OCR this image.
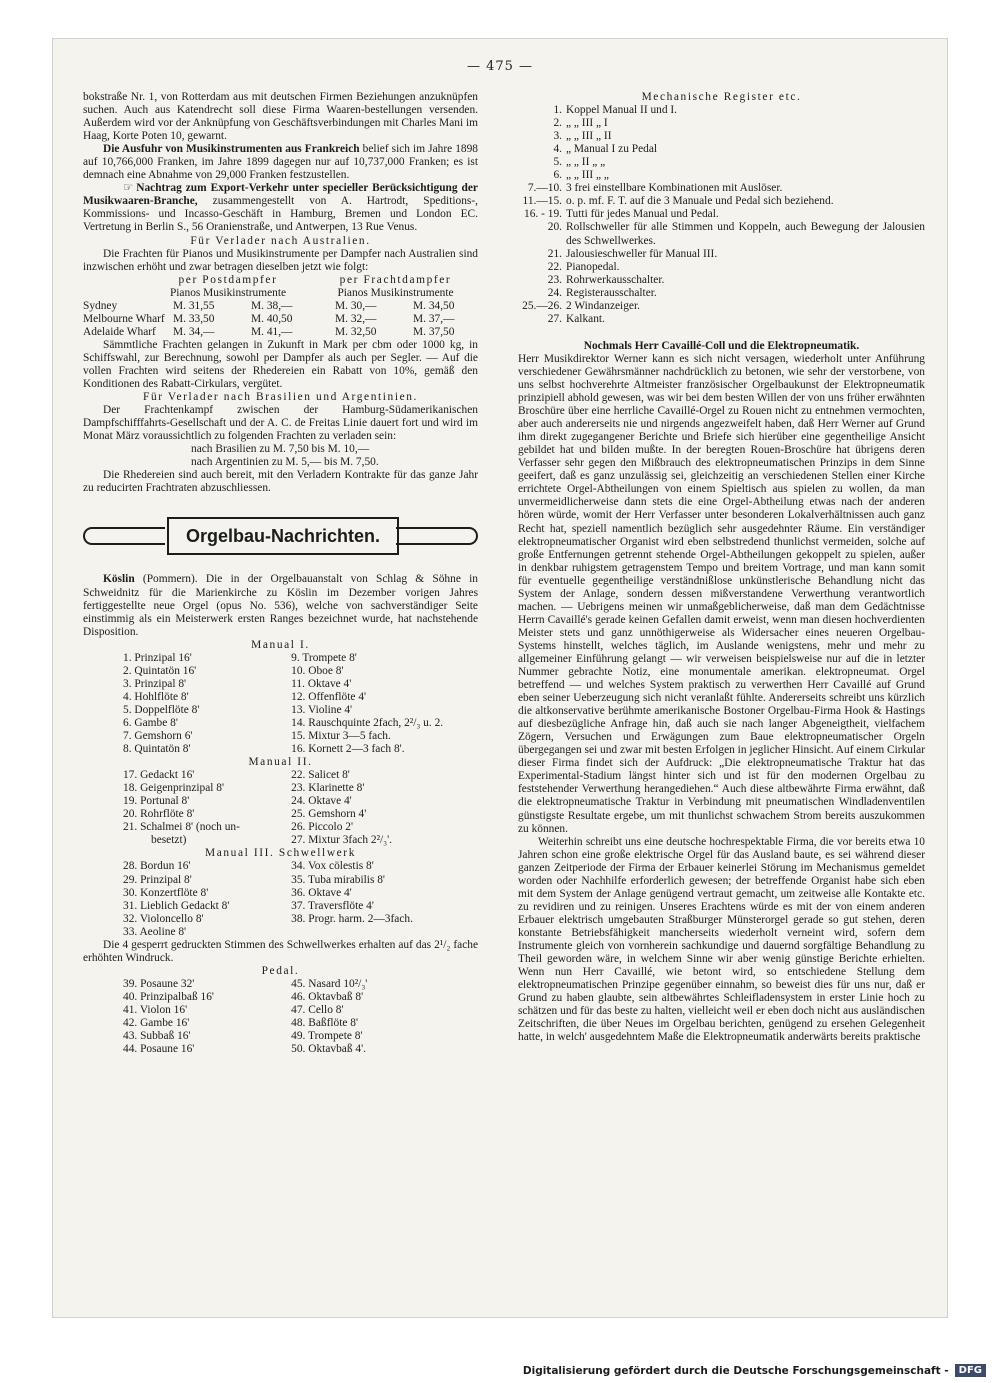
— 475 —

bokstraße Nr. 1, von Rotterdam aus mit deutschen Firmen Beziehungen anzuknüpfen suchen. Auch aus Katendrecht soll diese Firma Waaren-bestellungen versenden. Außerdem wird vor der Anknüpfung von Geschäftsverbindungen mit Charles Mani im Haag, Korte Poten 10, gewarnt.

Die Ausfuhr von Musikinstrumenten aus Frankreich belief sich im Jahre 1898 auf 10,766,000 Franken, im Jahre 1899 dagegen nur auf 10,737,000 Franken; es ist demnach eine Abnahme von 29,000 Franken festzustellen.

☞ Nachtrag zum Export-Verkehr unter specieller Berücksichtigung der Musikwaaren-Branche, zusammengestellt von A. Hartrodt, Speditions-, Kommissions- und Incasso-Geschäft in Hamburg, Bremen und London EC. Vertretung in Berlin S., 56 Oranienstraße, und Antwerpen, 13 Rue Venus.

Für Verlader nach Australien.

Die Frachten für Pianos und Musikinstrumente per Dampfer nach Australien sind inzwischen erhöht und zwar betragen dieselben jetzt wie folgt:

per Postdampfer	per Frachtdampfer
Pianos Musikinstrumente	Pianos Musikinstrumente
Sydney	M. 31,55	M. 38,—	M. 30,—	M. 34,50
Melbourne Wharf M. 33,50	M. 40,50	M. 32,—	M. 37,—
Adelaide Wharf	M. 34,—	M. 41,—	M. 32,50	M. 37,50

Sämmtliche Frachten gelangen in Zukunft in Mark per cbm oder 1000 kg, in Schiffswahl, zur Berechnung, sowohl per Dampfer als auch per Segler. — Auf die vollen Frachten wird seitens der Rhedereien ein Rabatt von 10%, gemäß den Konditionen des Rabatt-Cirkulars, vergütet.

Für Verlader nach Brasilien und Argentinien.

Der Frachtenkampf zwischen der Hamburg-Südamerikanischen Dampfschifffahrts-Gesellschaft und der A. C. de Freitas Linie dauert fort und wird im Monat März voraussichtlich zu folgenden Frachten zu verladen sein:

nach Brasilien zu M. 7,50 bis M. 10,—

nach Argentinien zu M. 5,— bis M. 7,50.

Die Rhedereien sind auch bereit, mit den Verladern Kontrakte für das ganze Jahr zu reducirten Frachtraten abzuschliessen.

Orgelbau-Nachrichten.

Köslin (Pommern). Die in der Orgelbauanstalt von Schlag & Söhne in Schweidnitz für die Marienkirche zu Köslin im Dezember vorigen Jahres fertiggestellte neue Orgel (opus No. 536), welche von sachverständiger Seite einstimmig als ein Meisterwerk ersten Ranges bezeichnet wurde, hat nachstehende Disposition.

Manual I.

1. Prinzipal 16'
2. Quintatön 16'
3. Prinzipal 8'
4. Hohlflöte 8'
5. Doppelflöte 8'
6. Gambe 8'
7. Gemshorn 6'
8. Quintatön 8'
9. Trompete 8'
10. Oboe 8'
11. Oktave 4'
12. Offenflöte 4'
13. Violine 4'
14. Rauschquinte 2fach, 2²/₃ u. 2.
15. Mixtur 3—5 fach.
16. Kornett 2—3 fach 8'.

Manual II.

17. Gedackt 16'
18. Geigenprinzipal 8'
19. Portunal 8'
20. Rohrflöte 8'
21. Schalmei 8' (noch un-
besetzt)
22. Salicet 8'
23. Klarinette 8'
24. Oktave 4'
25. Gemshorn 4'
26. Piccolo 2'
27. Mixtur 3fach 2²/₃'.

Manual III. Schwellwerk

28. Bordun 16'
29. Prinzipal 8'
30. Konzertflöte 8'
31. Lieblich Gedackt 8'
32. Violoncello 8'
33. Aeoline 8'
34. Vox cölestis 8'
35. Tuba mirabilis 8'
36. Oktave 4'
37. Traversflöte 4'
38. Progr. harm. 2—3fach.

Die 4 gesperrt gedruckten Stimmen des Schwellwerkes erhalten auf das 2¹/₂ fache erhöhten Windruck.

Pedal.

39. Posaune 32'
40. Prinzipalbaß 16'
41. Violon 16'
42. Gambe 16'
43. Subbaß 16'
44. Posaune 16'
45. Nasard 10²/₃'
46. Oktavbaß 8'
47. Cello 8'
48. Baßflöte 8'
49. Trompete 8'
50. Oktavbaß 4'.

Mechanische Register etc.

1. Koppel Manual II und I.
2. „ „ III „ I
3. „ „ III „ II
4. „ Manual I zu Pedal
5. „ „ II „ „
6. „ „ III „ „
7.—10. 3 frei einstellbare Kombinationen mit Auslöser.
11.—15. o. p. mf. F. T. auf die 3 Manuale und Pedal sich beziehend.
16. - 19. Tutti für jedes Manual und Pedal.
20. Rollschweller für alle Stimmen und Koppeln, auch Bewegung der Jalousien des Schwellwerkes.
21. Jalousieschweller für Manual III.
22. Pianopedal.
23. Rohrwerkausschalter.
24. Registerausschalter.
25.—26. 2 Windanzeiger.
27. Kalkant.

Nochmals Herr Cavaillé-Coll und die Elektropneumatik.

Herr Musikdirektor Werner kann es sich nicht versagen, wiederholt unter Anführung verschiedener Gewährsmänner nachdrücklich zu betonen, wie sehr der verstorbene, von uns selbst hochverehrte Altmeister französischer Orgelbaukunst der Elektropneumatik prinzipiell abhold gewesen, was wir bei dem besten Willen der von uns früher erwähnten Broschüre über eine herrliche Cavaillé-Orgel zu Rouen nicht zu entnehmen vermochten, aber auch andererseits nie und nirgends angezweifelt haben, daß Herr Werner auf Grund ihm direkt zugegangener Berichte und Briefe sich hierüber eine gegentheilige Ansicht gebildet hat und bilden mußte. In der beregten Rouen-Broschüre hat übrigens deren Verfasser sehr gegen den Mißbrauch des elektropneumatischen Prinzips in dem Sinne geeifert, daß es ganz unzulässig sei, gleichzeitig an verschiedenen Stellen einer Kirche errichtete Orgel-Abtheilungen von einem Spieltisch aus spielen zu wollen, da man unvermeidlicherweise dann stets die eine Orgel-Abtheilung etwas nach der anderen hören würde, womit der Herr Verfasser unter besonderen Lokalverhältnissen auch ganz Recht hat, speziell namentlich bezüglich sehr ausgedehnter Räume. Ein verständiger elektropneumatischer Organist wird eben selbstredend thunlichst vermeiden, solche auf große Entfernungen getrennt stehende Orgel-Abtheilungen gekoppelt zu spielen, außer in denkbar ruhigstem getragenstem Tempo und breitem Vortrage, und man kann somit für eventuelle gegentheilige verständnißlose unkünstlerische Behandlung nicht das System der Anlage, sondern dessen mißverstandene Verwerthung verantwortlich machen. — Uebrigens meinen wir unmaßgeblicherweise, daß man dem Gedächtnisse Herrn Cavaillé's gerade keinen Gefallen damit erweist, wenn man diesen hochverdienten Meister stets und ganz unnöthigerweise als Widersacher eines neueren Orgelbau-Systems hinstellt, welches täglich, im Auslande wenigstens, mehr und mehr zu allgemeiner Einführung gelangt — wir verweisen beispielsweise nur auf die in letzter Nummer gebrachte Notiz, eine monumentale amerikan. elektropneumat. Orgel betreffend — und welches System praktisch zu verwerthen Herr Cavaillé auf Grund eben seiner Ueberzeugung sich nicht veranlaßt fühlte. Andererseits schreibt uns kürzlich die altkonservative berühmte amerikanische Bostoner Orgelbau-Firma Hook & Hastings auf diesbezügliche Anfrage hin, daß auch sie nach langer Abgeneigtheit, vielfachem Zögern, Versuchen und Erwägungen zum Baue elektropneumatischer Orgeln übergegangen sei und zwar mit besten Erfolgen in jeglicher Hinsicht. Auf einem Cirkular dieser Firma findet sich der Aufdruck: „Die elektropneumatische Traktur hat das Experimental-Stadium längst hinter sich und ist für den modernen Orgelbau zu feststehender Verwerthung herangediehen.“ Auch diese altbewährte Firma erwähnt, daß die elektropneumatische Traktur in Verbindung mit pneumatischen Windladenventilen günstigste Resultate ergebe, um mit thunlichst schwachem Strom bereits auszukommen zu können.

Weiterhin schreibt uns eine deutsche hochrespektable Firma, die vor bereits etwa 10 Jahren schon eine große elektrische Orgel für das Ausland baute, es sei während dieser ganzen Zeitperiode der Firma der Erbauer keinerlei Störung im Mechanismus gemeldet worden oder Nachhilfe erforderlich gewesen; der betreffende Organist habe sich eben mit dem System der Anlage genügend vertraut gemacht, um zeitweise alle Kontakte etc. zu revidiren und zu reinigen. Unseres Erachtens würde es mit der von einem anderen Erbauer elektrisch umgebauten Straßburger Münsterorgel gerade so gut stehen, deren konstante Betriebsfähigkeit mancherseits wiederholt verneint wird, sofern dem Instrumente gleich von vornherein sachkundige und dauernd sorgfältige Behandlung zu Theil geworden wäre, in welchem Sinne wir aber wenig günstige Berichte erhielten. Wenn nun Herr Cavaillé, wie betont wird, so entschiedene Stellung dem elektropneumatischen Prinzipe gegenüber einnahm, so beweist dies für uns nur, daß er Grund zu haben glaubte, sein altbewährtes Schleifladensystem in erster Linie hoch zu schätzen und für das beste zu halten, vielleicht weil er eben doch nicht aus ausländischen Zeitschriften, die über Neues im Orgelbau berichten, genügend zu ersehen Gelegenheit hatte, in welch' ausgedehntem Maße die Elektropneumatik anderwärts bereits praktische

Digitalisierung gefördert durch die Deutsche Forschungsgemeinschaft -	DFG
